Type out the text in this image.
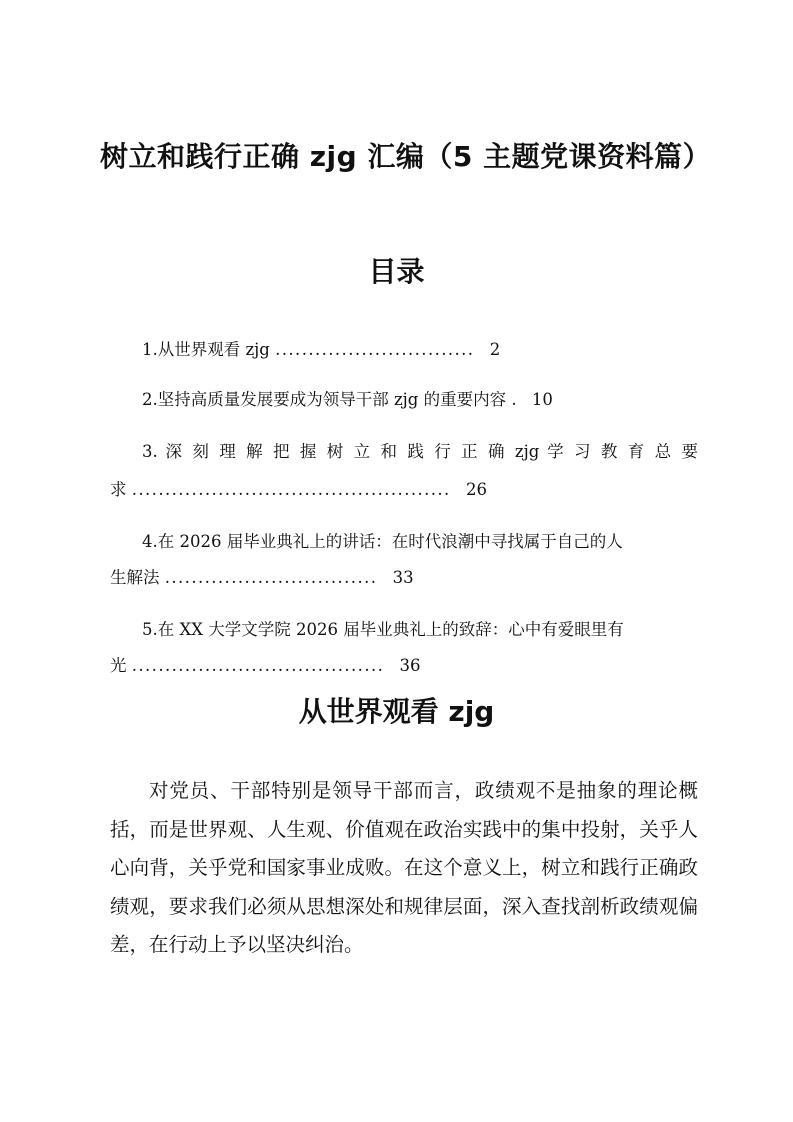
树立和践行正确 zjg 汇编（5 主题党课资料篇）
目录
1.从世界观看 zjg .............................. 2
2.坚持高质量发展要成为领导干部 zjg 的重要内容 . 10
3. 深 刻 理 解 把 握 树 立 和 践 行 正 确 zjg 学 习 教 育 总 要
求 ................................................ 26
4.在 2026 届毕业典礼上的讲话：在时代浪潮中寻找属于自己的人
生解法 ................................ 33
5.在 XX 大学文学院 2026 届毕业典礼上的致辞：心中有爱眼里有
光 ...................................... 36
从世界观看 zjg

对党员、干部特别是领导干部而言，政绩观不是抽象的理论概括，而是世界观、人生观、价值观在政治实践中的集中投射，关乎人心向背，关乎党和国家事业成败。在这个意义上，树立和践行正确政绩观，要求我们必须从思想深处和规律层面，深入查找剖析政绩观偏差，在行动上予以坚决纠治。
